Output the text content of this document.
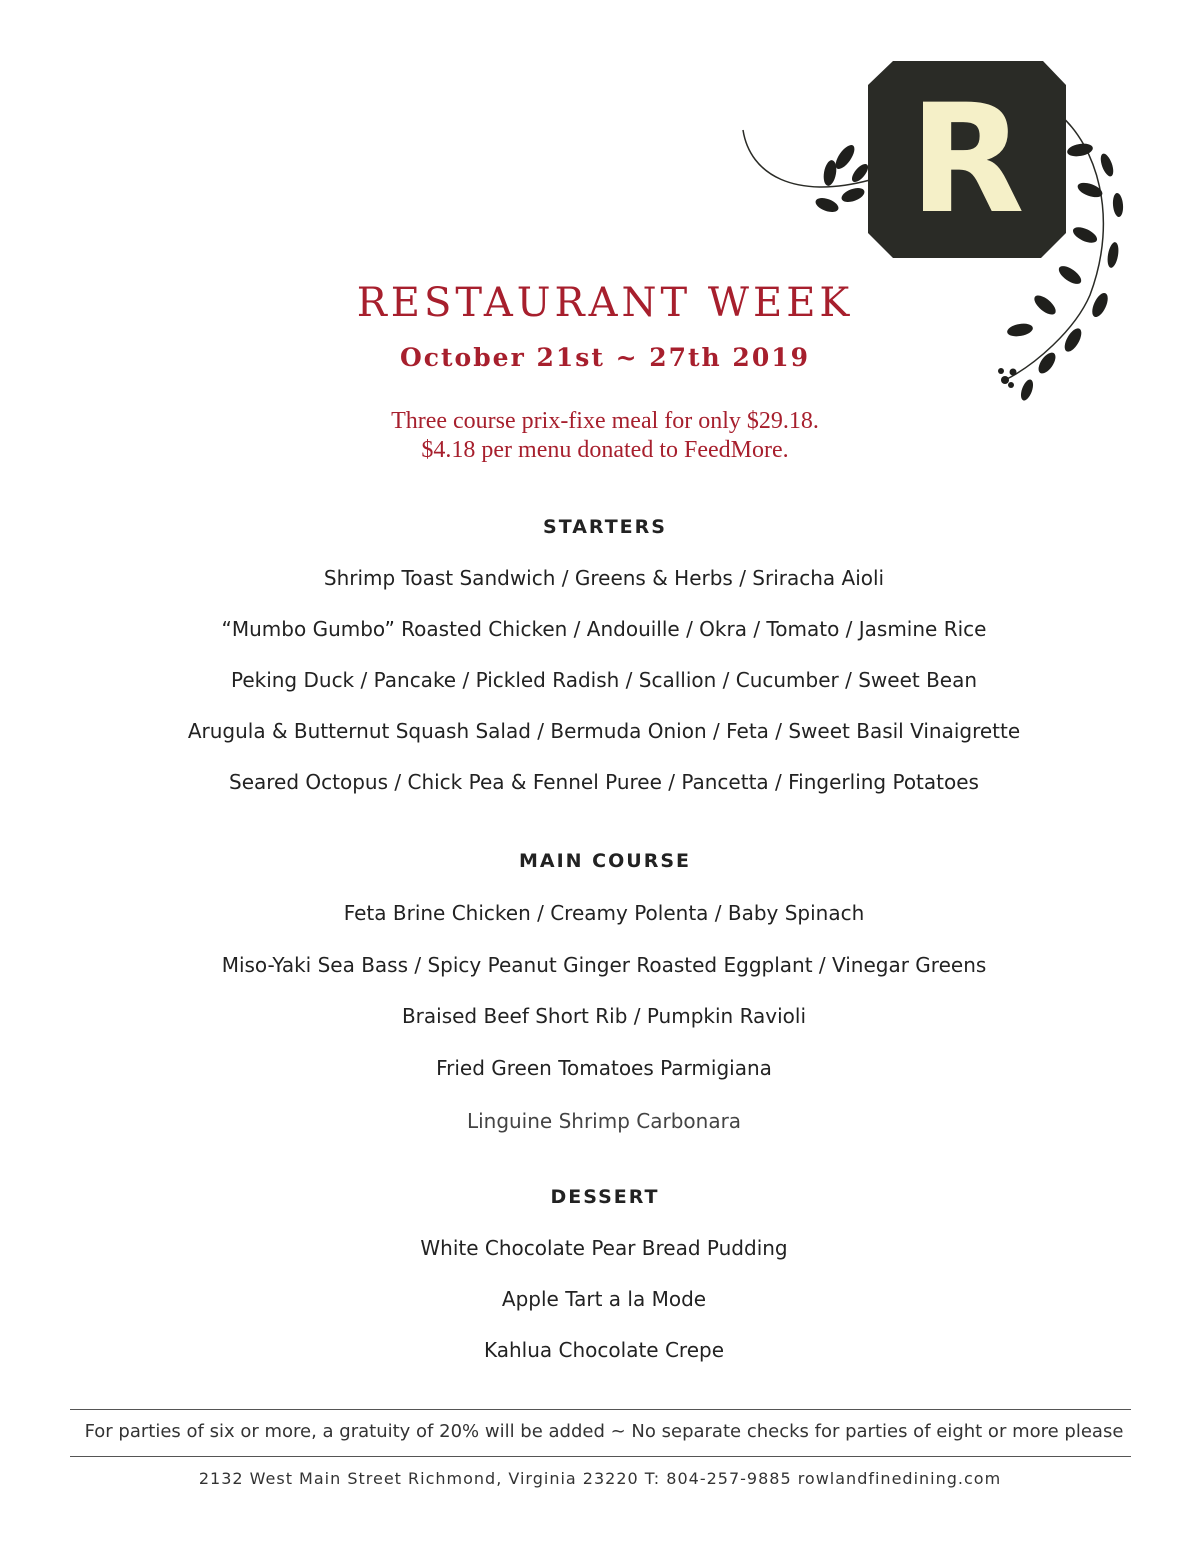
R
RESTAURANT WEEK
October 21st ~ 27th 2019
Three course prix-fixe meal for only $29.18.
$4.18 per menu donated to FeedMore.
STARTERS
Shrimp Toast Sandwich / Greens & Herbs / Sriracha Aioli
“Mumbo Gumbo” Roasted Chicken / Andouille / Okra / Tomato / Jasmine Rice
Peking Duck / Pancake / Pickled Radish / Scallion / Cucumber / Sweet Bean
Arugula & Butternut Squash Salad / Bermuda Onion / Feta / Sweet Basil Vinaigrette
Seared Octopus / Chick Pea & Fennel Puree / Pancetta / Fingerling Potatoes
MAIN COURSE
Feta Brine Chicken / Creamy Polenta / Baby Spinach
Miso-Yaki Sea Bass / Spicy Peanut Ginger Roasted Eggplant / Vinegar Greens
Braised Beef Short Rib / Pumpkin Ravioli
Fried Green Tomatoes Parmigiana
Linguine Shrimp Carbonara
DESSERT
White Chocolate Pear Bread Pudding
Apple Tart a la Mode
Kahlua Chocolate Crepe
For parties of six or more, a gratuity of 20% will be added ~ No separate checks for parties of eight or more please
2132 West Main Street Richmond, Virginia 23220 T: 804-257-9885 rowlandfinedining.com
